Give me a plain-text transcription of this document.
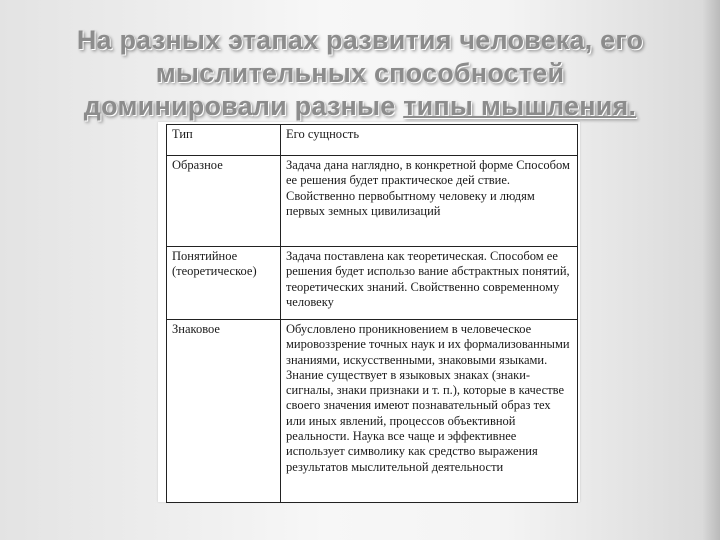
На разных этапах развития человека, его
мыслительных способностей
доминировали разные типы мышления.
Тип	Его сущность
Образное	Задача дана наглядно, в конкретной форме Способом ее решения будет практическое дей ствие. Свойственно первобытному человеку и людям первых земных цивилизаций
Понятийное (теоретическое)	Задача поставлена как теоретическая. Способом ее решения будет использо вание абстрактных понятий, теоретических знаний. Свойственно современному человеку
Знаковое	Обусловлено проникновением в человеческое мировоззрение точных наук и их формализованными знаниями, искусственными, знаковыми языками. Знание существует в языковых знаках (знаки-сигналы, знаки признаки и т. п.), которые в качестве своего значения имеют познавательный образ тех или иных явлений, процессов объективной реальности. Наука все чаще и эффективнее использует символику как средство выражения результатов мыслительной деятельности
